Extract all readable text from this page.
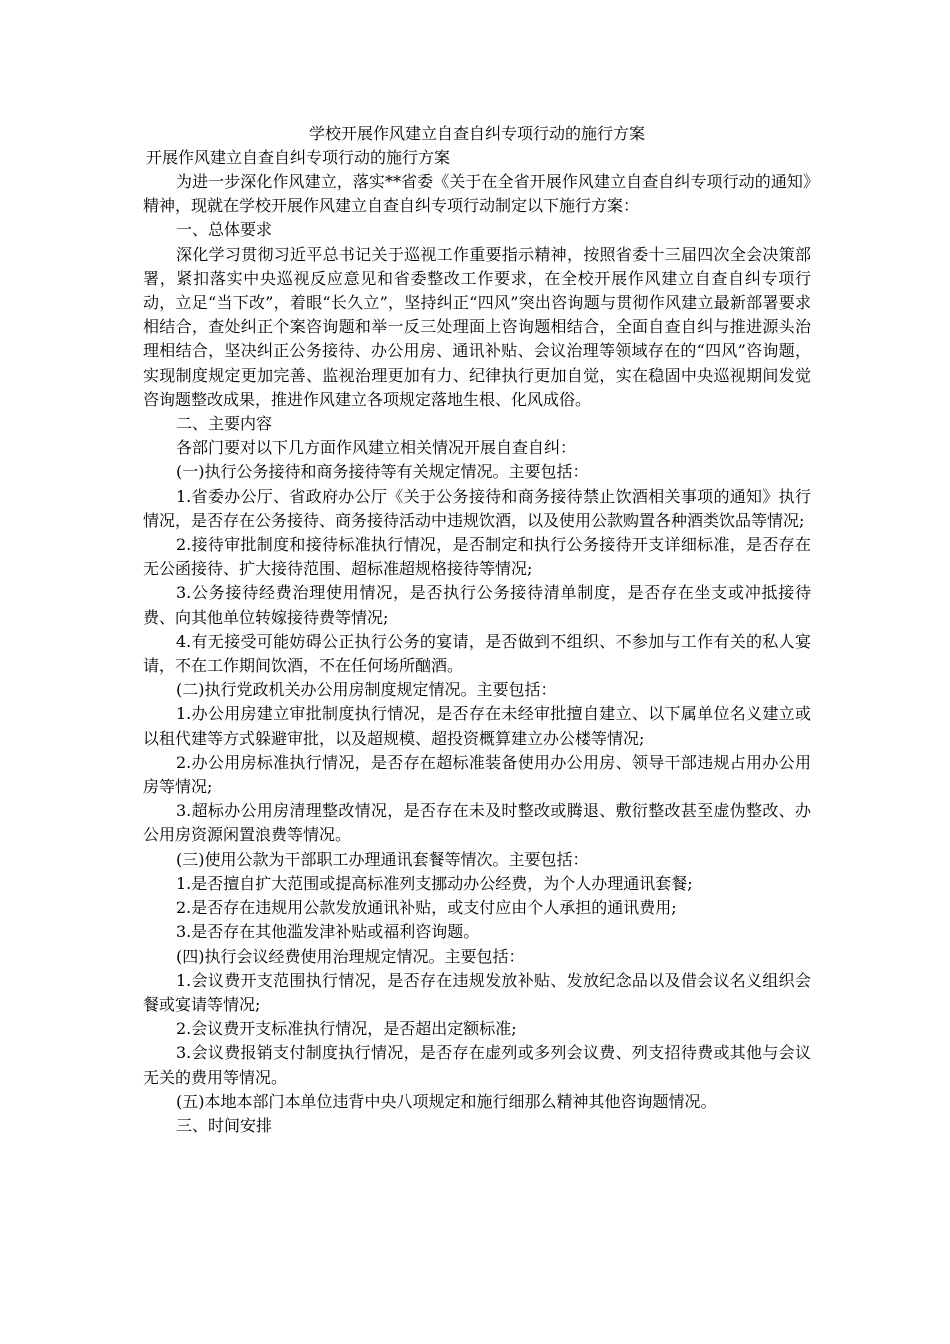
学校开展作风建立自查自纠专项行动的施行方案

开展作风建立自查自纠专项行动的施行方案

为进一步深化作风建立，落实**省委《关于在全省开展作风建立自查自纠专项行动的通知》精神，现就在学校开展作风建立自查自纠专项行动制定以下施行方案：

一、总体要求

深化学习贯彻习近平总书记关于巡视工作重要指示精神，按照省委十三届四次全会决策部署，紧扣落实中央巡视反应意见和省委整改工作要求，在全校开展作风建立自查自纠专项行动，立足“当下改”，着眼“长久立”，坚持纠正“四风”突出咨询题与贯彻作风建立最新部署要求相结合，查处纠正个案咨询题和举一反三处理面上咨询题相结合，全面自查自纠与推进源头治理相结合，坚决纠正公务接待、办公用房、通讯补贴、会议治理等领域存在的“四风”咨询题，实现制度规定更加完善、监视治理更加有力、纪律执行更加自觉，实在稳固中央巡视期间发觉咨询题整改成果，推进作风建立各项规定落地生根、化风成俗。

二、主要内容

各部门要对以下几方面作风建立相关情况开展自查自纠：

(一)执行公务接待和商务接待等有关规定情况。主要包括：

1.省委办公厅、省政府办公厅《关于公务接待和商务接待禁止饮酒相关事项的通知》执行情况，是否存在公务接待、商务接待活动中违规饮酒，以及使用公款购置各种酒类饮品等情况;

2.接待审批制度和接待标准执行情况，是否制定和执行公务接待开支详细标准，是否存在无公函接待、扩大接待范围、超标准超规格接待等情况;

3.公务接待经费治理使用情况，是否执行公务接待清单制度，是否存在坐支或冲抵接待费、向其他单位转嫁接待费等情况;

4.有无接受可能妨碍公正执行公务的宴请，是否做到不组织、不参加与工作有关的私人宴请，不在工作期间饮酒，不在任何场所酗酒。

(二)执行党政机关办公用房制度规定情况。主要包括：

1.办公用房建立审批制度执行情况，是否存在未经审批擅自建立、以下属单位名义建立或以租代建等方式躲避审批，以及超规模、超投资概算建立办公楼等情况;

2.办公用房标准执行情况，是否存在超标准装备使用办公用房、领导干部违规占用办公用房等情况;

3.超标办公用房清理整改情况，是否存在未及时整改或腾退、敷衍整改甚至虚伪整改、办公用房资源闲置浪费等情况。

(三)使用公款为干部职工办理通讯套餐等情次。主要包括：

1.是否擅自扩大范围或提高标准列支挪动办公经费，为个人办理通讯套餐;

2.是否存在违规用公款发放通讯补贴，或支付应由个人承担的通讯费用;

3.是否存在其他滥发津补贴或福利咨询题。

(四)执行会议经费使用治理规定情况。主要包括：

1.会议费开支范围执行情况，是否存在违规发放补贴、发放纪念品以及借会议名义组织会餐或宴请等情况;

2.会议费开支标准执行情况，是否超出定额标准;

3.会议费报销支付制度执行情况，是否存在虚列或多列会议费、列支招待费或其他与会议无关的费用等情况。

(五)本地本部门本单位违背中央八项规定和施行细那么精神其他咨询题情况。

三、时间安排
